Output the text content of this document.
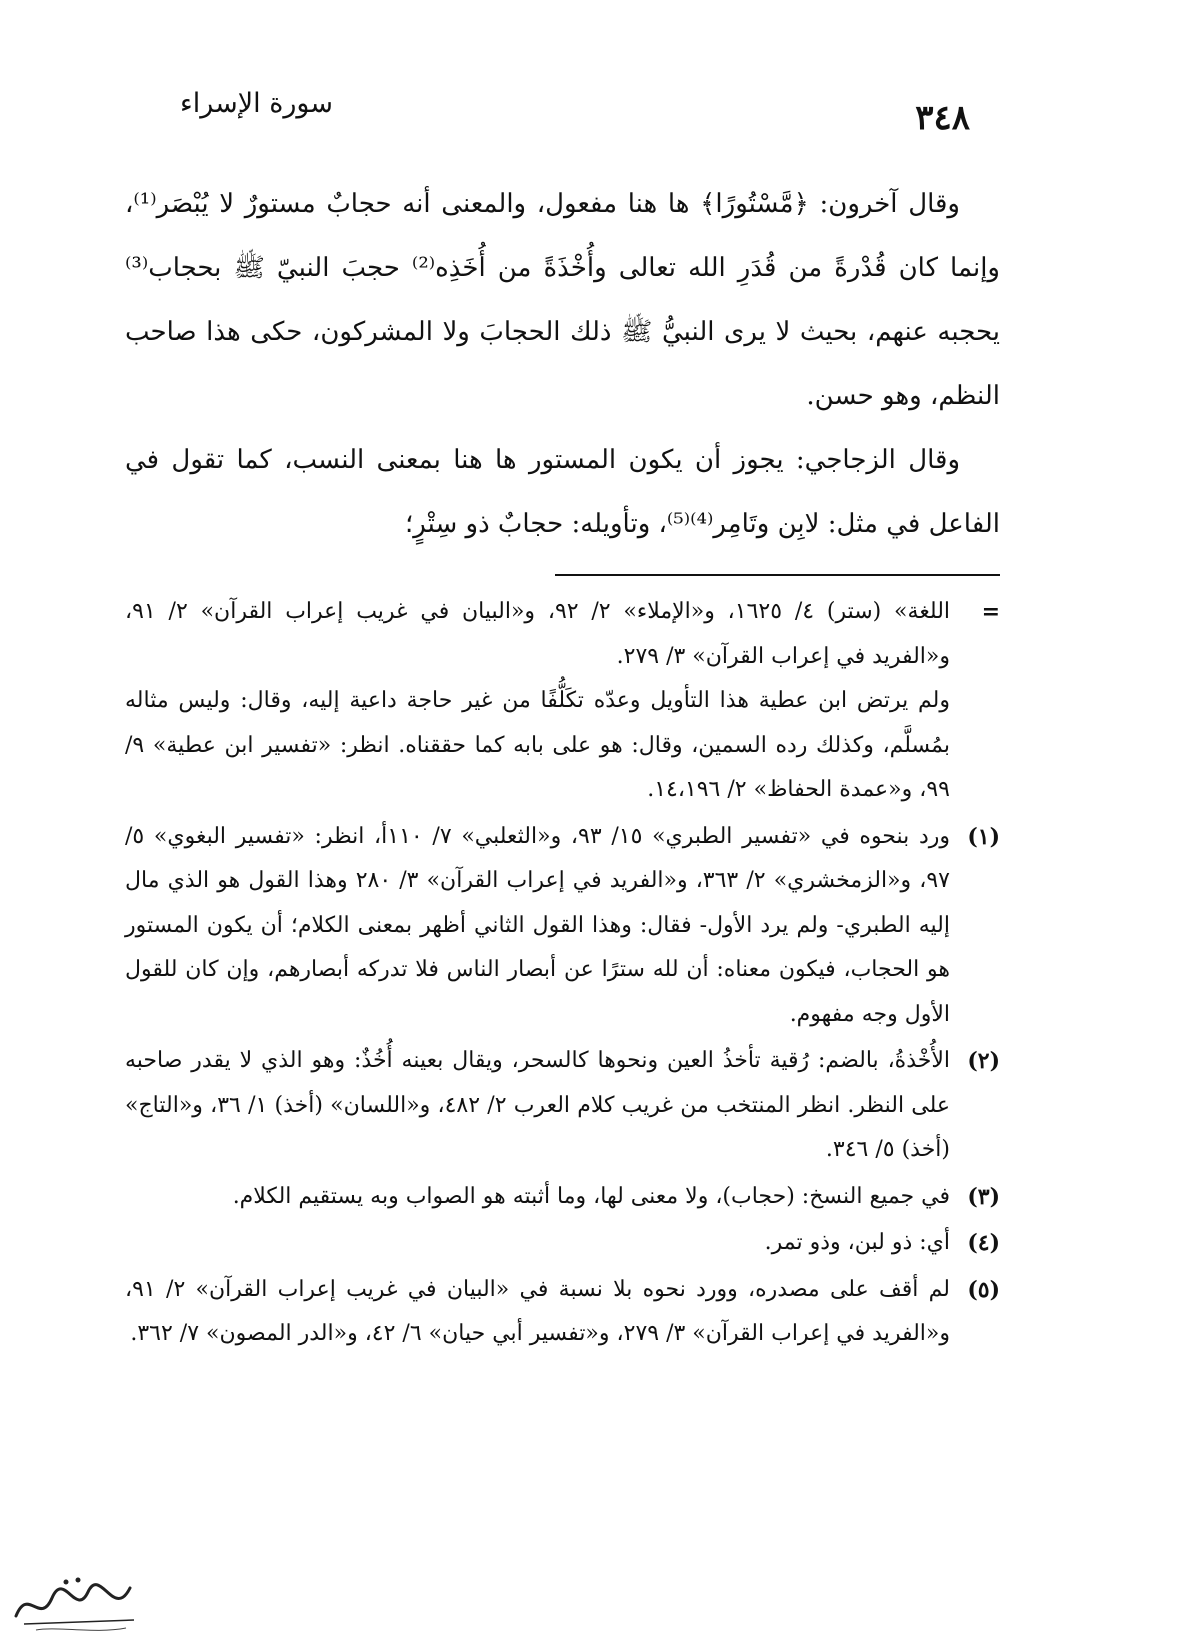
٣٤٨
سورة الإسراء

وقال آخرون: ﴿مَّسْتُورًا﴾ ها هنا مفعول، والمعنى أنه حجابٌ مستورٌ لا يُبْصَر⁽¹⁾، وإنما كان قُدْرةً من قُدَرِ الله تعالى وأُخْذَةً من أُخَذِه⁽²⁾ حجبَ النبيّ ﷺ بحجاب⁽³⁾ يحجبه عنهم، بحيث لا يرى النبيُّ ﷺ ذلك الحجابَ ولا المشركون، حكى هذا صاحب النظم، وهو حسن.

وقال الزجاجي: يجوز أن يكون المستور ها هنا بمعنى النسب، كما تقول في الفاعل في مثل: لابِن وتَامِر⁽⁴⁾⁽⁵⁾، وتأويله: حجابٌ ذو سِتْرٍ؛

=

اللغة» (ستر) ٤/ ١٦٢٥، و«الإملاء» ٢/ ٩٢، و«البيان في غريب إعراب القرآن» ٢/ ٩١، و«الفريد في إعراب القرآن» ٣/ ٢٧٩.

ولم يرتض ابن عطية هذا التأويل وعدّه تكَلُّفًا من غير حاجة داعية إليه، وقال: وليس مثاله بمُسلَّم، وكذلك رده السمين، وقال: هو على بابه كما حققناه. انظر: «تفسير ابن عطية» ٩/ ٩٩، و«عمدة الحفاظ» ٢/ ١٤،١٩٦.

(١)

ورد بنحوه في «تفسير الطبري» ١٥/ ٩٣، و«الثعلبي» ٧/ ١١٠أ، انظر: «تفسير البغوي» ٥/ ٩٧، و«الزمخشري» ٢/ ٣٦٣، و«الفريد في إعراب القرآن» ٣/ ٢٨٠ وهذا القول هو الذي مال إليه الطبري- ولم يرد الأول- فقال: وهذا القول الثاني أظهر بمعنى الكلام؛ أن يكون المستور هو الحجاب، فيكون معناه: أن لله سترًا عن أبصار الناس فلا تدركه أبصارهم، وإن كان للقول الأول وجه مفهوم.

(٢)

الأُخْذةُ، بالضم: رُقية تأخذُ العين ونحوها كالسحر، ويقال بعينه أُخُذٌ: وهو الذي لا يقدر صاحبه على النظر. انظر المنتخب من غريب كلام العرب ٢/ ٤٨٢، و«اللسان» (أخذ) ١/ ٣٦، و«التاج» (أخذ) ٥/ ٣٤٦.

(٣)

في جميع النسخ: (حجاب)، ولا معنى لها، وما أثبته هو الصواب وبه يستقيم الكلام.

(٤)

أي: ذو لبن، وذو تمر.

(٥)

لم أقف على مصدره، وورد نحوه بلا نسبة في «البيان في غريب إعراب القرآن» ٢/ ٩١، و«الفريد في إعراب القرآن» ٣/ ٢٧٩، و«تفسير أبي حيان» ٦/ ٤٢، و«الدر المصون» ٧/ ٣٦٢.
